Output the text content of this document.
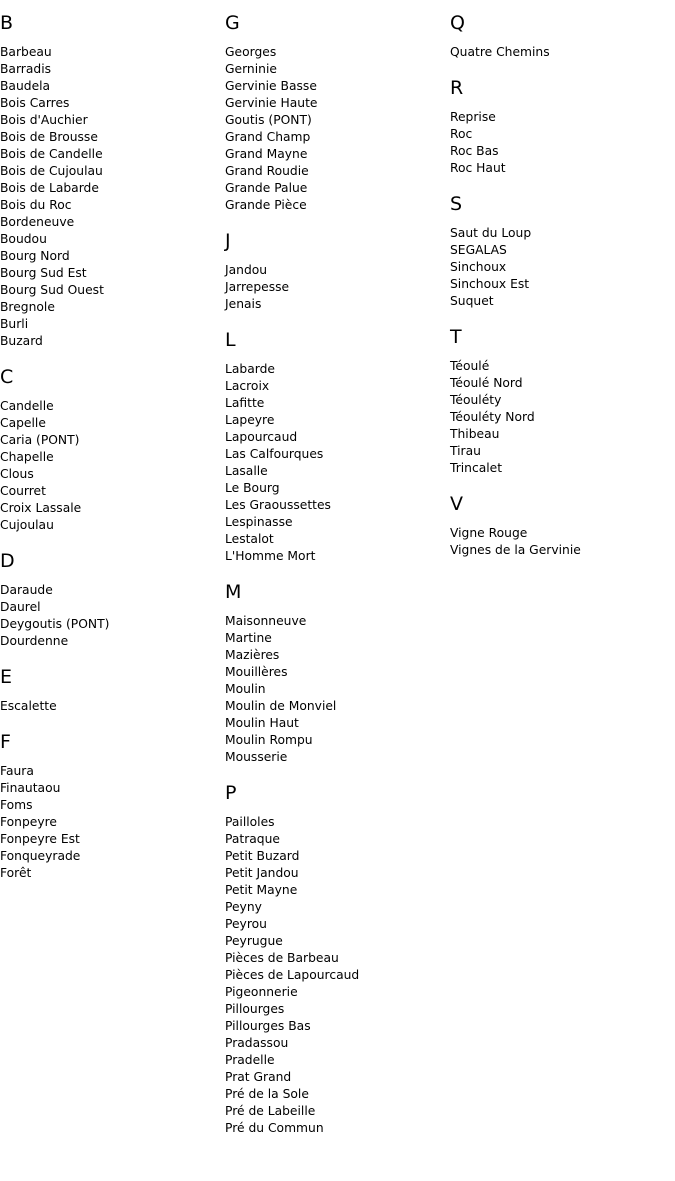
B
Barbeau
Barradis
Baudela
Bois Carres
Bois d'Auchier
Bois de Brousse
Bois de Candelle
Bois de Cujoulau
Bois de Labarde
Bois du Roc
Bordeneuve
Boudou
Bourg Nord
Bourg Sud Est
Bourg Sud Ouest
Bregnole
Burli
Buzard
C
Candelle
Capelle
Caria (PONT)
Chapelle
Clous
Courret
Croix Lassale
Cujoulau
D
Daraude
Daurel
Deygoutis (PONT)
Dourdenne
E
Escalette
F
Faura
Finautaou
Foms
Fonpeyre
Fonpeyre Est
Fonqueyrade
Forêt
G
Georges
Gerninie
Gervinie Basse
Gervinie Haute
Goutis (PONT)
Grand Champ
Grand Mayne
Grand Roudie
Grande Palue
Grande Pièce
J
Jandou
Jarrepesse
Jenais
L
Labarde
Lacroix
Lafitte
Lapeyre
Lapourcaud
Las Calfourques
Lasalle
Le Bourg
Les Graoussettes
Lespinasse
Lestalot
L'Homme Mort
M
Maisonneuve
Martine
Mazières
Mouillères
Moulin
Moulin de Monviel
Moulin Haut
Moulin Rompu
Mousserie
P
Pailloles
Patraque
Petit Buzard
Petit Jandou
Petit Mayne
Peyny
Peyrou
Peyrugue
Pièces de Barbeau
Pièces de Lapourcaud
Pigeonnerie
Pillourges
Pillourges Bas
Pradassou
Pradelle
Prat Grand
Pré de la Sole
Pré de Labeille
Pré du Commun
Q
Quatre Chemins
R
Reprise
Roc
Roc Bas
Roc Haut
S
Saut du Loup
SEGALAS
Sinchoux
Sinchoux Est
Suquet
T
Téoulé
Téoulé Nord
Téouléty
Téouléty Nord
Thibeau
Tirau
Trincalet
V
Vigne Rouge
Vignes de la Gervinie
